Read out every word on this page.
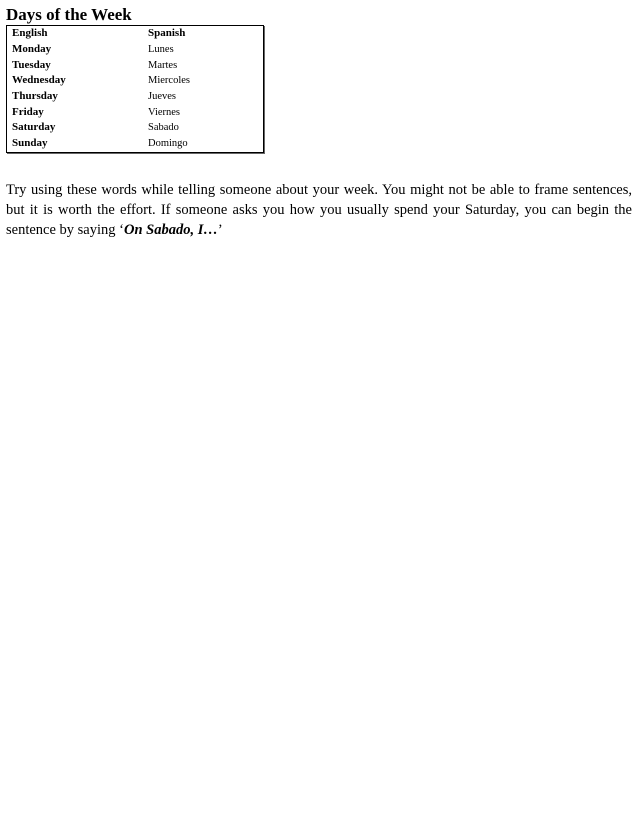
Days of the Week
English	Spanish
Monday	Lunes
Tuesday	Martes
Wednesday	Miercoles
Thursday	Jueves
Friday	Viernes
Saturday	Sabado
Sunday	Domingo

Try using these words while telling someone about your week. You might not be able to frame sentences, but it is worth the effort. If someone asks you how you usually spend your Saturday, you can begin the sentence by saying ‘On Sabado, I…’
